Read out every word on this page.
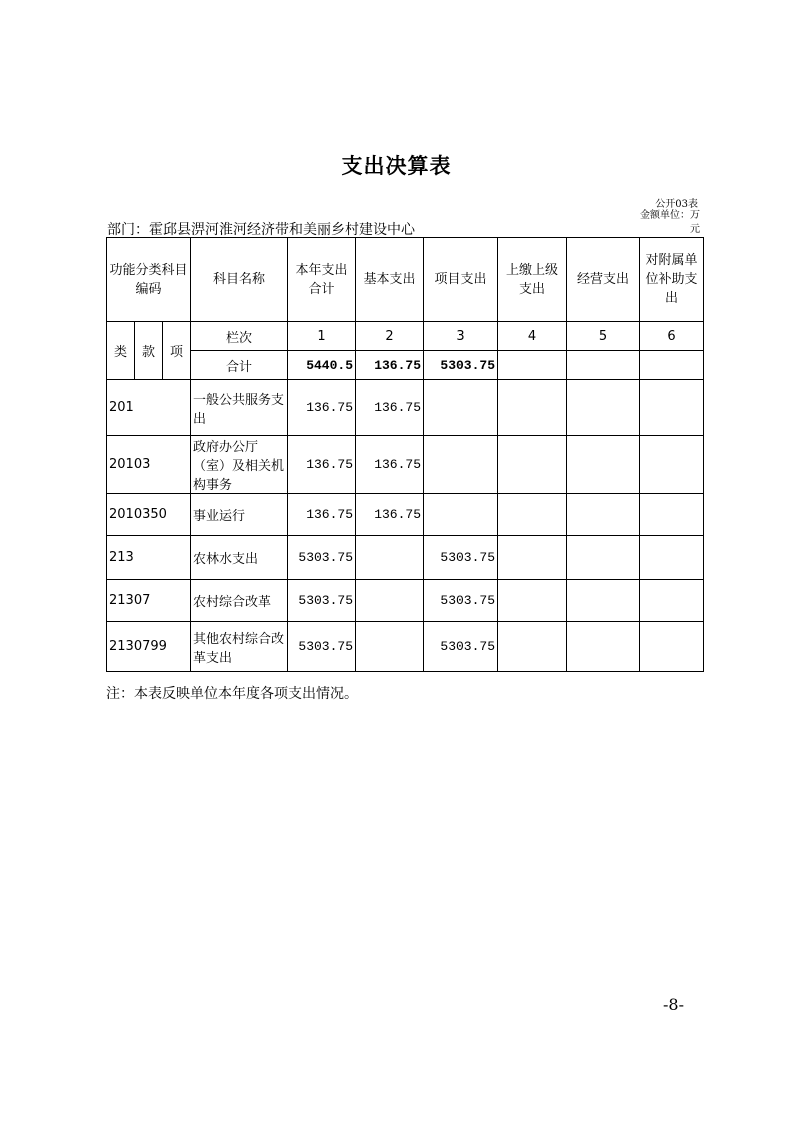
支出决算表
公开03表
金额单位：万元
部门：霍邱县淠河淮河经济带和美丽乡村建设中心
功能分类科目编码			科目名称	本年支出合计	基本支出	项目支出	上缴上级支出	经营支出	对附属单位补助支出
类	款	项	栏次	1	2	3	4	5	6
			合计	5440.5	136.75	5303.75			
201			一般公共服务支出	136.75	136.75				
20103			政府办公厅（室）及相关机构事务	136.75	136.75				
2010350			事业运行	136.75	136.75				
213			农林水支出	5303.75		5303.75			
21307			农村综合改革	5303.75		5303.75			
2130799			其他农村综合改革支出	5303.75		5303.75			
注：本表反映单位本年度各项支出情况。
-8-
